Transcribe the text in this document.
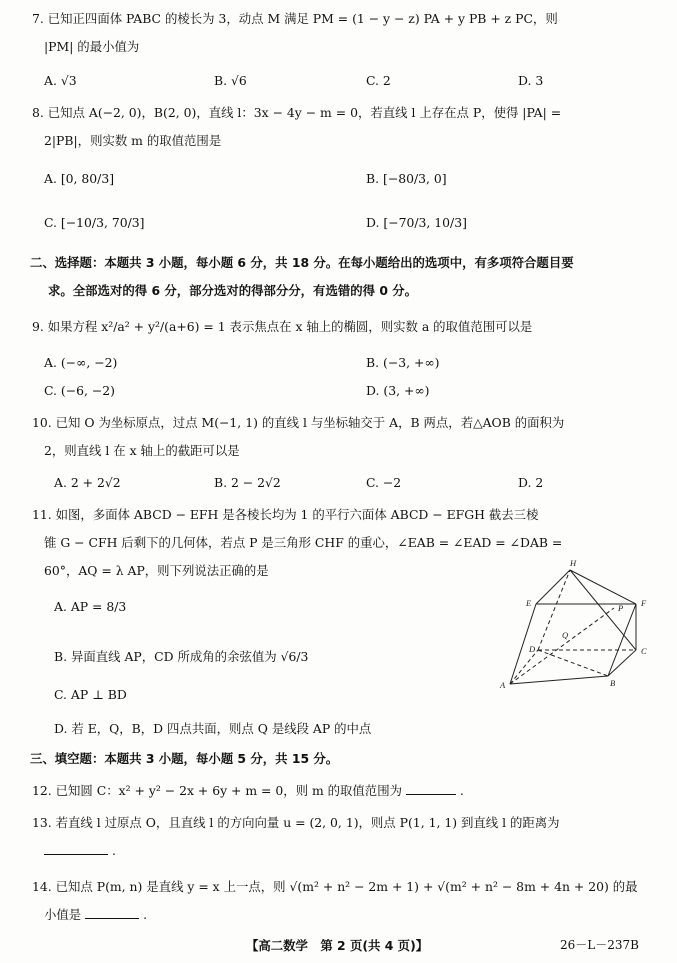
7. 已知正四面体 PABC 的棱长为 3，动点 M 满足 PM = (1 − y − z) PA + y PB + z PC，则
|PM| 的最小值为
A. √3	B. √6	C. 2	D. 3
8. 已知点 A(−2, 0)，B(2, 0)，直线 l：3x − 4y − m = 0，若直线 l 上存在点 P，使得 |PA| =
2|PB|，则实数 m 的取值范围是
A. [0, 80/3]	B. [−80/3, 0]
C. [−10/3, 70/3]	D. [−70/3, 10/3]
二、选择题：本题共 3 小题，每小题 6 分，共 18 分。在每小题给出的选项中，有多项符合题目要
求。全部选对的得 6 分，部分选对的得部分分，有选错的得 0 分。
9. 如果方程 x²/a² + y²/(a+6) = 1 表示焦点在 x 轴上的椭圆，则实数 a 的取值范围可以是
A. (−∞, −2)	B. (−3, +∞)
C. (−6, −2)	D. (3, +∞)
10. 已知 O 为坐标原点，过点 M(−1, 1) 的直线 l 与坐标轴交于 A，B 两点，若△AOB 的面积为
2，则直线 l 在 x 轴上的截距可以是
A. 2 + 2√2	B. 2 − 2√2	C. −2	D. 2
11. 如图，多面体 ABCD − EFH 是各棱长均为 1 的平行六面体 ABCD − EFGH 截去三棱
锥 G − CFH 后剩下的几何体，若点 P 是三角形 CHF 的重心，∠EAB = ∠EAD = ∠DAB =
60°，AQ = λ AP，则下列说法正确的是
A. AP = 8/3
B. 异面直线 AP，CD 所成角的余弦值为 √6/3
C. AP ⊥ BD
D. 若 E，Q，B，D 四点共面，则点 Q 是线段 AP 的中点
H
E	F
P
Q
D	C
A	B
三、填空题：本题共 3 小题，每小题 5 分，共 15 分。
12. 已知圆 C：x² + y² − 2x + 6y + m = 0，则 m 的取值范围为	.
13. 若直线 l 过原点 O，且直线 l 的方向向量 u = (2, 0, 1)，则点 P(1, 1, 1) 到直线 l 的距离为
.
14. 已知点 P(m, n) 是直线 y = x 上一点，则 √(m² + n² − 2m + 1) + √(m² + n² − 8m + 4n + 20) 的最
小值是	.
【高二数学　第 2 页(共 4 页)】	26－L－237B
